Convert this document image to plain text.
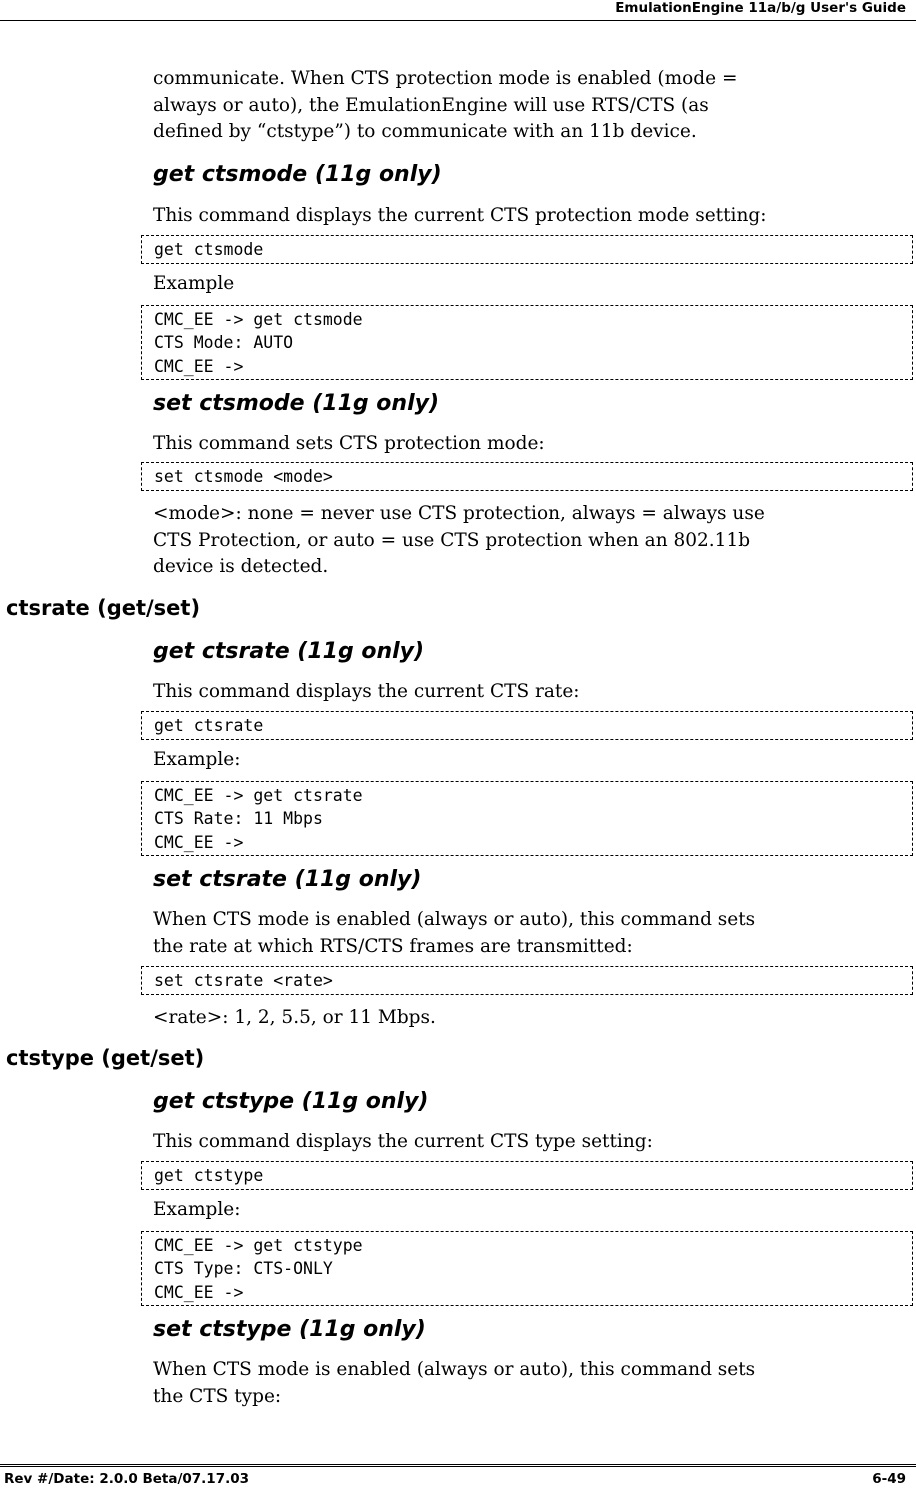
EmulationEngine 11a/b/g User's Guide
communicate. When CTS protection mode is enabled (mode =
always or auto), the EmulationEngine will use RTS/CTS (as
defined by “ctstype”) to communicate with an 11b device.
get ctsmode (11g only)
This command displays the current CTS protection mode setting:
get ctsmode
Example
CMC_EE -> get ctsmode
CTS Mode: AUTO
CMC_EE ->
set ctsmode (11g only)
This command sets CTS protection mode:
set ctsmode <mode>
<mode>: none = never use CTS protection, always = always use
CTS Protection, or auto = use CTS protection when an 802.11b
device is detected.
ctsrate (get/set)
get ctsrate (11g only)
This command displays the current CTS rate:
get ctsrate
Example:
CMC_EE -> get ctsrate
CTS Rate: 11 Mbps
CMC_EE ->
set ctsrate (11g only)
When CTS mode is enabled (always or auto), this command sets
the rate at which RTS/CTS frames are transmitted:
set ctsrate <rate>
<rate>: 1, 2, 5.5, or 11 Mbps.
ctstype (get/set)
get ctstype (11g only)
This command displays the current CTS type setting:
get ctstype
Example:
CMC_EE -> get ctstype
CTS Type: CTS-ONLY
CMC_EE ->
set ctstype (11g only)
When CTS mode is enabled (always or auto), this command sets
the CTS type:
Rev #/Date: 2.0.0 Beta/07.17.03	6-49
